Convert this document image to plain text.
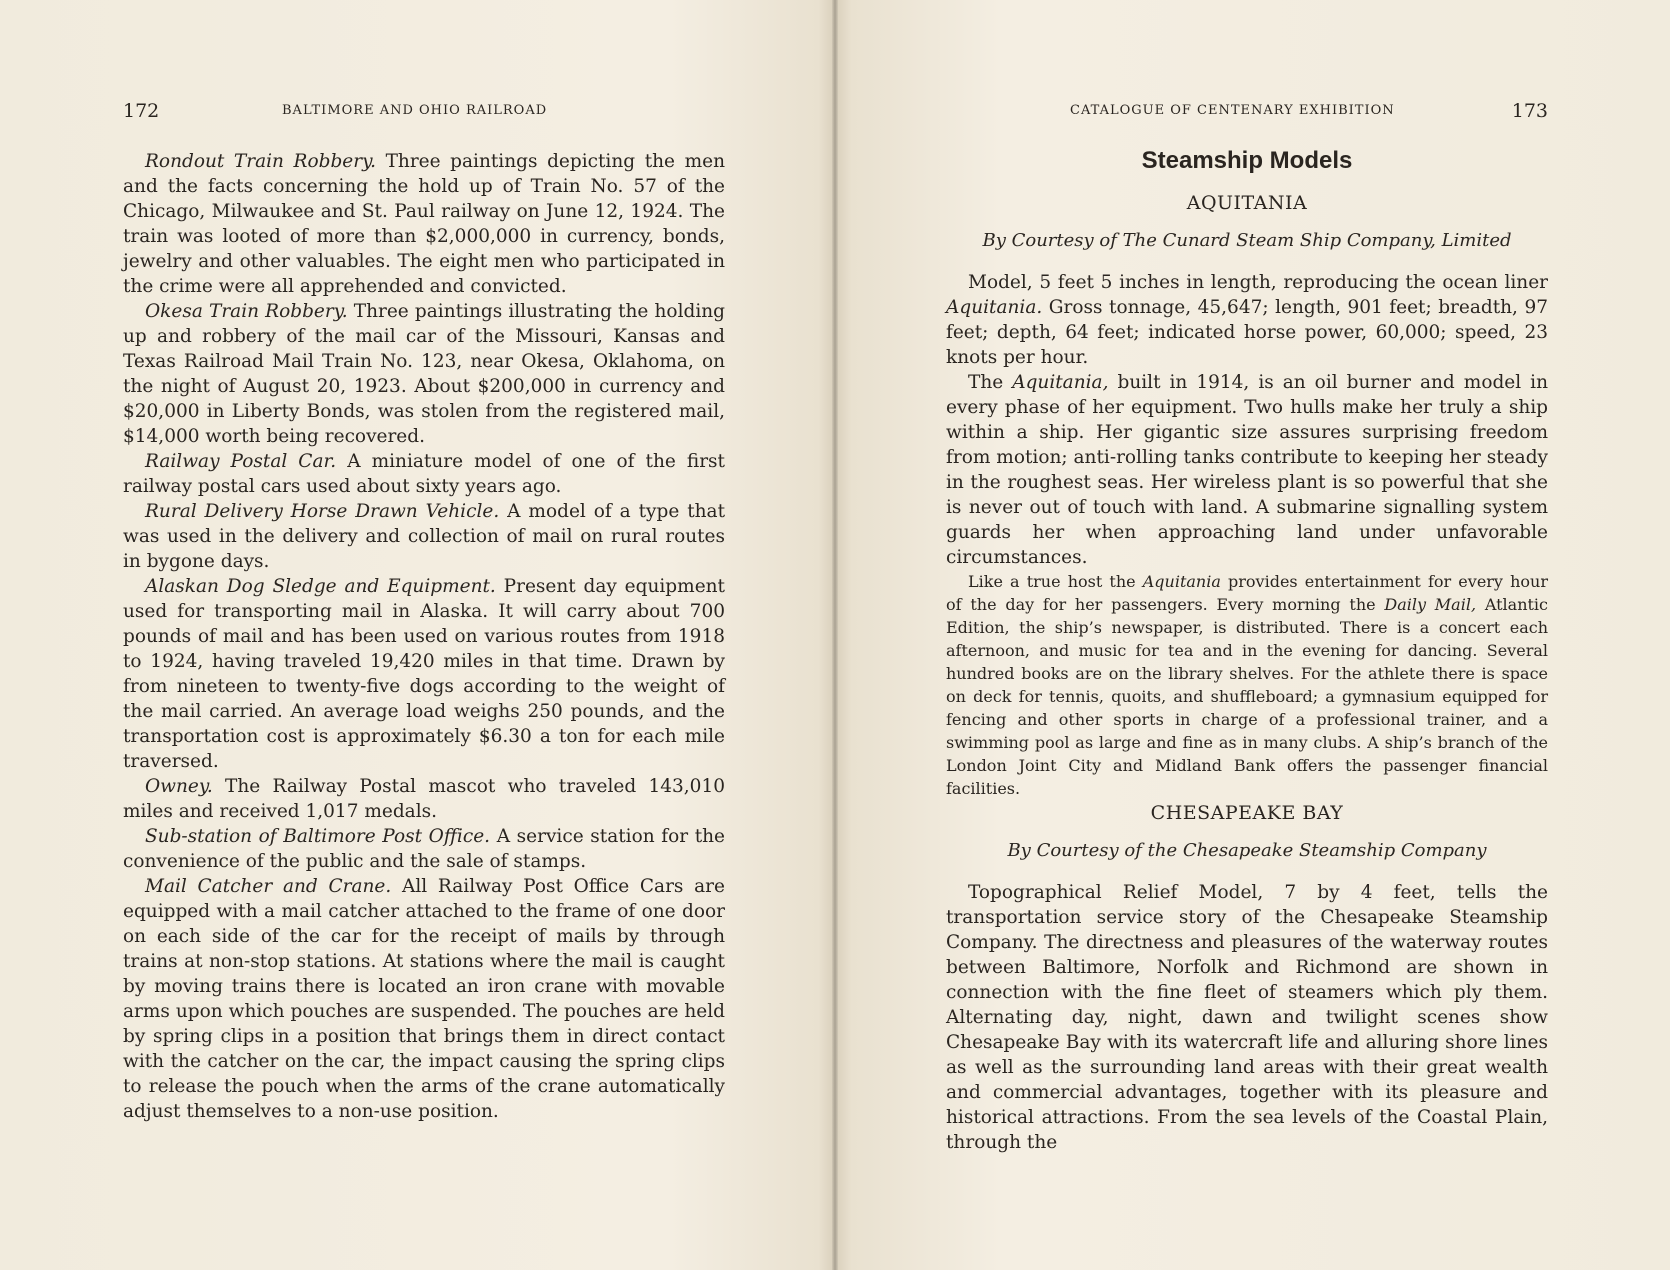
172	BALTIMORE AND OHIO RAILROAD

Rondout Train Robbery. Three paintings depicting the men and the facts concerning the hold up of Train No. 57 of the Chicago, Milwaukee and St. Paul railway on June 12, 1924. The train was looted of more than $2,000,000 in currency, bonds, jewelry and other valuables. The eight men who participated in the crime were all apprehended and convicted.

Okesa Train Robbery. Three paintings illustrating the holding up and robbery of the mail car of the Missouri, Kansas and Texas Railroad Mail Train No. 123, near Okesa, Oklahoma, on the night of August 20, 1923. About $200,000 in currency and $20,000 in Liberty Bonds, was stolen from the registered mail, $14,000 worth being recovered.

Railway Postal Car. A miniature model of one of the first railway postal cars used about sixty years ago.

Rural Delivery Horse Drawn Vehicle. A model of a type that was used in the delivery and collection of mail on rural routes in bygone days.

Alaskan Dog Sledge and Equipment. Present day equipment used for transporting mail in Alaska. It will carry about 700 pounds of mail and has been used on various routes from 1918 to 1924, having traveled 19,420 miles in that time. Drawn by from nineteen to twenty-five dogs according to the weight of the mail carried. An average load weighs 250 pounds, and the transportation cost is approximately $6.30 a ton for each mile traversed.

Owney. The Railway Postal mascot who traveled 143,010 miles and received 1,017 medals.

Sub-station of Baltimore Post Office. A service station for the convenience of the public and the sale of stamps.

Mail Catcher and Crane. All Railway Post Office Cars are equipped with a mail catcher attached to the frame of one door on each side of the car for the receipt of mails by through trains at non-stop stations. At stations where the mail is caught by moving trains there is located an iron crane with movable arms upon which pouches are suspended. The pouches are held by spring clips in a position that brings them in direct contact with the catcher on the car, the impact causing the spring clips to release the pouch when the arms of the crane automatically adjust themselves to a non-use position.

CATALOGUE OF CENTENARY EXHIBITION	173
Steamship Models
AQUITANIA
By Courtesy of The Cunard Steam Ship Company, Limited

Model, 5 feet 5 inches in length, reproducing the ocean liner Aquitania. Gross tonnage, 45,647; length, 901 feet; breadth, 97 feet; depth, 64 feet; indicated horse power, 60,000; speed, 23 knots per hour.

The Aquitania, built in 1914, is an oil burner and model in every phase of her equipment. Two hulls make her truly a ship within a ship. Her gigantic size assures surprising freedom from motion; anti-rolling tanks contribute to keeping her steady in the roughest seas. Her wireless plant is so powerful that she is never out of touch with land. A submarine signalling system guards her when approaching land under unfavorable circumstances.

Like a true host the Aquitania provides entertainment for every hour of the day for her passengers. Every morning the Daily Mail, Atlantic Edition, the ship’s newspaper, is distributed. There is a concert each afternoon, and music for tea and in the evening for dancing. Several hundred books are on the library shelves. For the athlete there is space on deck for tennis, quoits, and shuffleboard; a gymnasium equipped for fencing and other sports in charge of a professional trainer, and a swimming pool as large and fine as in many clubs. A ship’s branch of the London Joint City and Midland Bank offers the passenger financial facilities.

CHESAPEAKE BAY
By Courtesy of the Chesapeake Steamship Company

Topographical Relief Model, 7 by 4 feet, tells the transportation service story of the Chesapeake Steamship Company. The directness and pleasures of the waterway routes between Baltimore, Norfolk and Richmond are shown in connection with the fine fleet of steamers which ply them. Alternating day, night, dawn and twilight scenes show Chesapeake Bay with its watercraft life and alluring shore lines as well as the surrounding land areas with their great wealth and commercial advantages, together with its pleasure and historical attractions. From the sea levels of the Coastal Plain, through the
